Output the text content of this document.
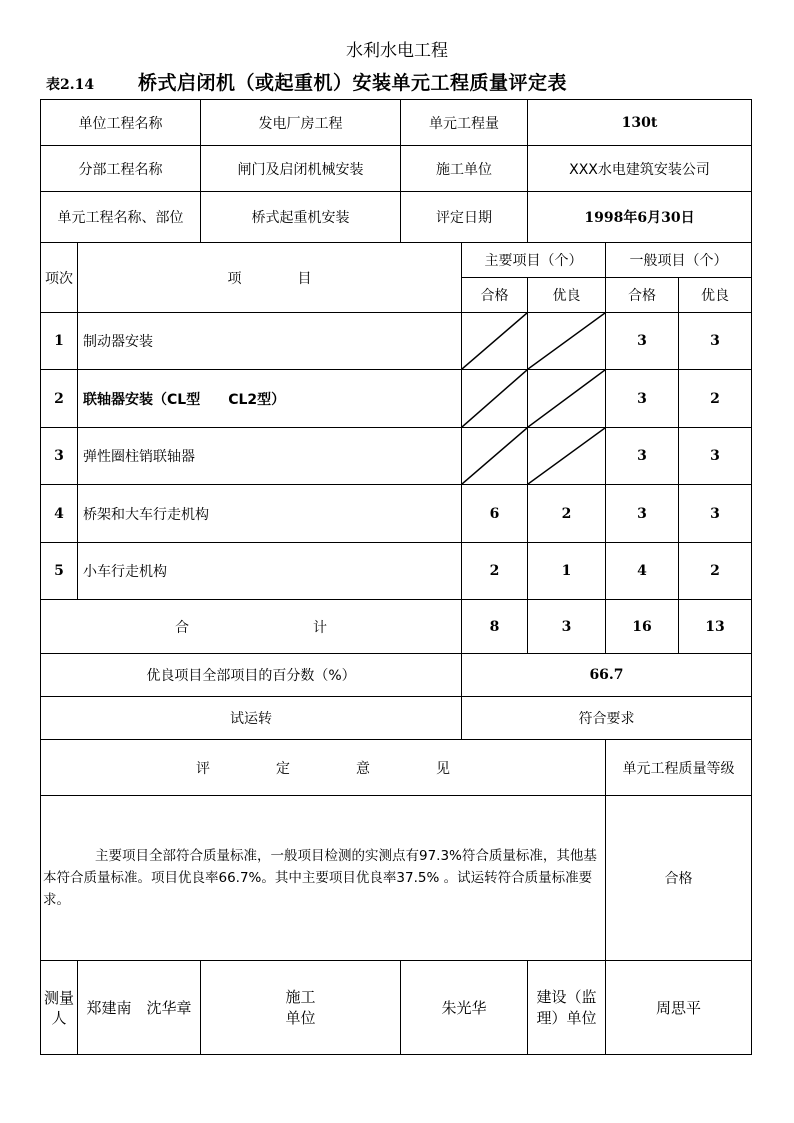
水利水电工程
表2.14 桥式启闭机（或起重机）安装单元工程质量评定表
单位工程名称		发电厂房工程	单元工程量		130t		
分部工程名称		闸门及启闭机械安装	施工单位		XXX水电建筑安装公司		
单元工程名称、部位		桥式起重机安装	评定日期		1998年6月30日		
项次	项 目			主要项目（个）		一般项目（个）	
				合格	优良	合格	优良
1	制动器安装					3	3
2	联轴器安装（CL型　　CL2型）					3	2
3	弹性圈柱销联轴器					3	3
4	桥架和大车行走机构			6	2	3	3
5	小车行走机构			2	1	4	2
合 计				8	3	16	13
优良项目全部项目的百分数（%）				66.7			
试运转				符合要求			
评 定 意 见						单元工程质量等级	
主要项目全部符合质量标准，一般项目检测的实测点有97.3%符合质量标准，其他基本符合质量标准。项目优良率66.7%。其中主要项目优良率37.5% 。试运转符合质量标准要求。						合格	
测量人	郑建南　沈华章	施工单位	朱光华		建设（监理）单位	周思平	
